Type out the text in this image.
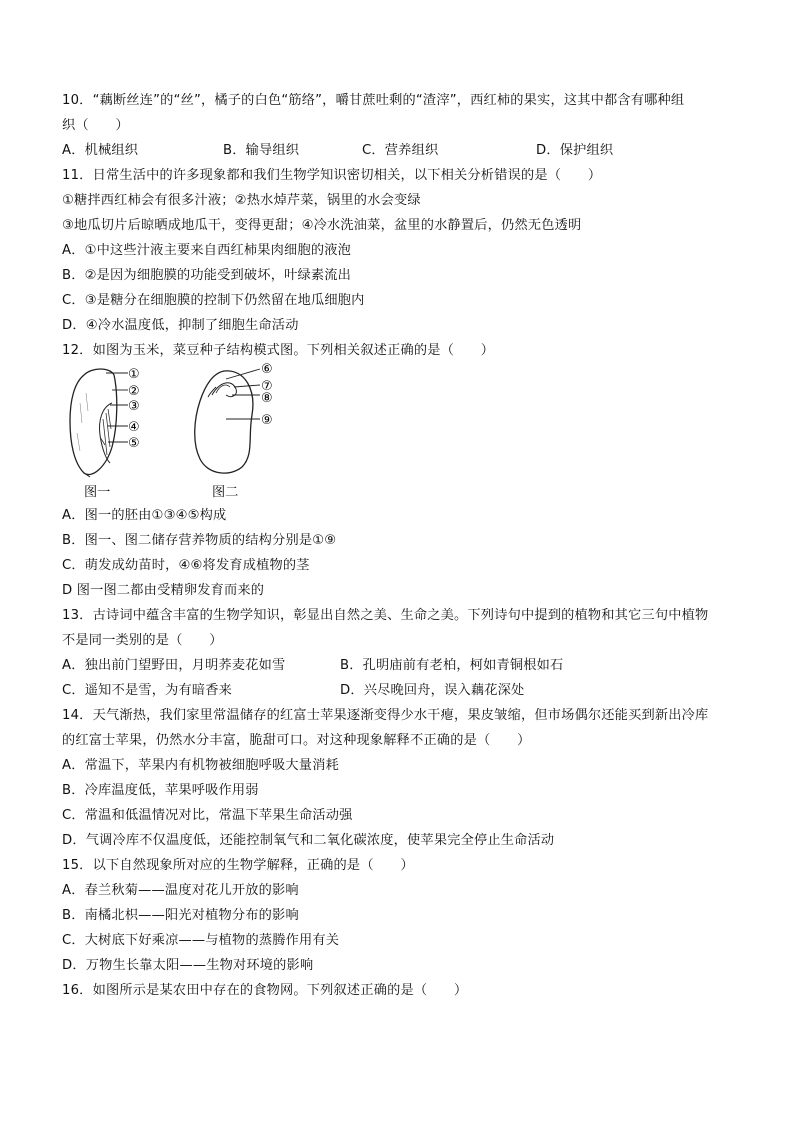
10．“藕断丝连”的“丝”，橘子的白色“筋络”，嚼甘蔗吐剩的“渣滓”，西红柿的果实，这其中都含有哪种组
织（　　）
A．机械组织	B．输导组织	C．营养组织	D．保护组织
11．日常生活中的许多现象都和我们生物学知识密切相关，以下相关分析错误的是（　　）
①糖拌西红柿会有很多汁液；②热水焯芹菜，锅里的水会变绿
③地瓜切片后晾晒成地瓜干，变得更甜；④冷水洗油菜，盆里的水静置后，仍然无色透明
A．①中这些汁液主要来自西红柿果肉细胞的液泡
B．②是因为细胞膜的功能受到破坏，叶绿素流出
C．③是糖分在细胞膜的控制下仍然留在地瓜细胞内
D．④冷水温度低，抑制了细胞生命活动
12．如图为玉米，菜豆种子结构模式图。下列相关叙述正确的是（　　）
①
②
③
④
⑤
⑥
⑦
⑧
⑨
图一	图二
A．图一的胚由①③④⑤构成
B．图一、图二储存营养物质的结构分别是①⑨
C．萌发成幼苗时，④⑥将发育成植物的茎
D 图一图二都由受精卵发育而来的
13．古诗词中蕴含丰富的生物学知识，彰显出自然之美、生命之美。下列诗句中提到的植物和其它三句中植物
不是同一类别的是（　　）
A．独出前门望野田，月明荞麦花如雪	B．孔明庙前有老柏，柯如青铜根如石
C．遥知不是雪，为有暗香来	D．兴尽晚回舟，误入藕花深处
14．天气渐热，我们家里常温储存的红富士苹果逐渐变得少水干瘪，果皮皱缩，但市场偶尔还能买到新出冷库
的红富士苹果，仍然水分丰富，脆甜可口。对这种现象解释不正确的是（　　）
A．常温下，苹果内有机物被细胞呼吸大量消耗
B．冷库温度低，苹果呼吸作用弱
C．常温和低温情况对比，常温下苹果生命活动强
D．气调冷库不仅温度低，还能控制氧气和二氧化碳浓度，使苹果完全停止生命活动
15．以下自然现象所对应的生物学解释，正确的是（　　）
A．春兰秋菊——温度对花儿开放的影响
B．南橘北枳——阳光对植物分布的影响
C．大树底下好乘凉——与植物的蒸腾作用有关
D．万物生长靠太阳——生物对环境的影响
16．如图所示是某农田中存在的食物网。下列叙述正确的是（　　）
